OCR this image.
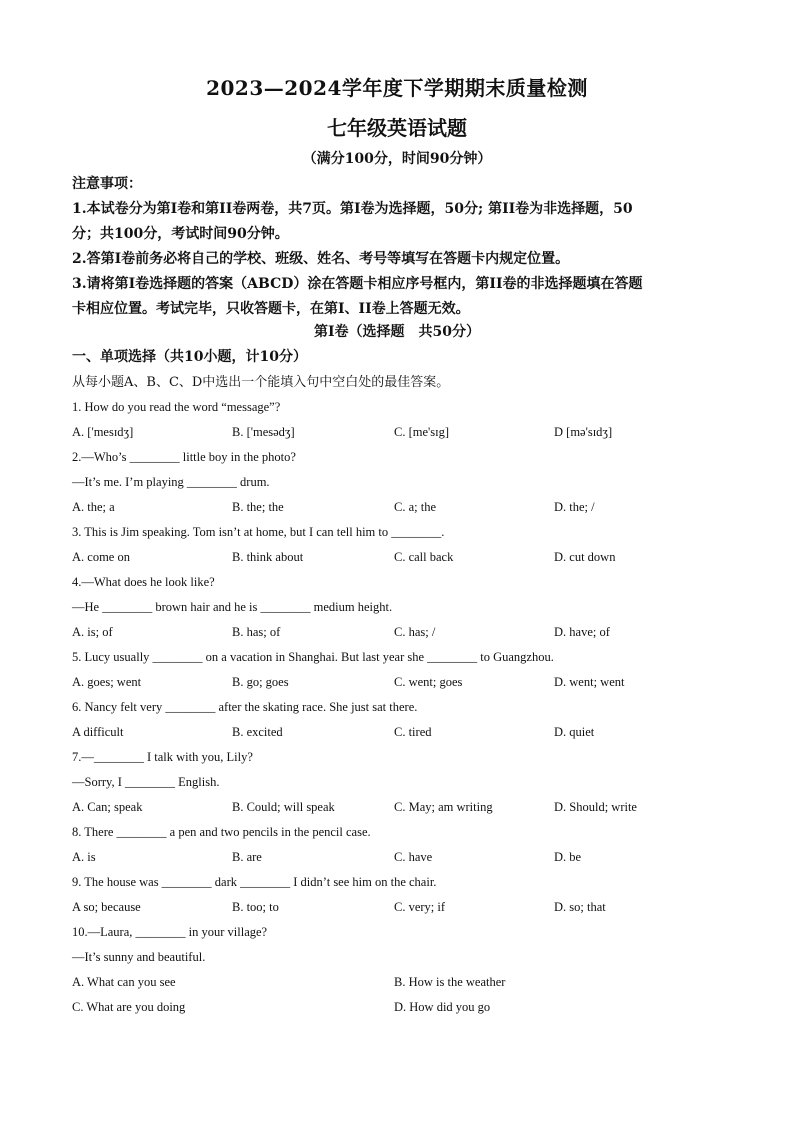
2023—2024学年度下学期期末质量检测
七年级英语试题
（满分100分，时间90分钟）
注意事项：
1.本试卷分为第I卷和第II卷两卷，共7页。第I卷为选择题，50分; 第II卷为非选择题，50
分；共100分，考试时间90分钟。
2.答第I卷前务必将自己的学校、班级、姓名、考号等填写在答题卡内规定位置。
3.请将第I卷选择题的答案（ABCD）涂在答题卡相应序号框内，第II卷的非选择题填在答题
卡相应位置。考试完毕，只收答题卡，在第I、II卷上答题无效。
第I卷（选择题　共50分）
一、单项选择（共10小题，计10分）
从每小题A、B、C、D中选出一个能填入句中空白处的最佳答案。
1. How do you read the word “message”?
A. ['mesɪdʒ]	B. ['mesədʒ]	C. [me'sɪg]	D [mə'sɪdʒ]
2.—Who’s ________ little boy in the photo?
—It’s me. I’m playing ________ drum.
A. the; a	B. the; the	C. a; the	D. the; /
3. This is Jim speaking. Tom isn’t at home, but I can tell him to ________.
A. come on	B. think about	C. call back	D. cut down
4.—What does he look like?
—He ________ brown hair and he is ________ medium height.
A. is; of	B. has; of	C. has; /	D. have; of
5. Lucy usually ________ on a vacation in Shanghai. But last year she ________ to Guangzhou.
A. goes; went	B. go; goes	C. went; goes	D. went; went
6. Nancy felt very ________ after the skating race. She just sat there.
A difficult	B. excited	C. tired	D. quiet
7.—________ I talk with you, Lily?
—Sorry, I ________ English.
A. Can; speak	B. Could; will speak	C. May; am writing	D. Should; write
8. There ________ a pen and two pencils in the pencil case.
A. is	B. are	C. have	D. be
9. The house was ________ dark ________ I didn’t see him on the chair.
A so; because	B. too; to	C. very; if	D. so; that
10.—Laura, ________ in your village?
—It’s sunny and beautiful.
A. What can you see	B. How is the weather
C. What are you doing	D. How did you go
